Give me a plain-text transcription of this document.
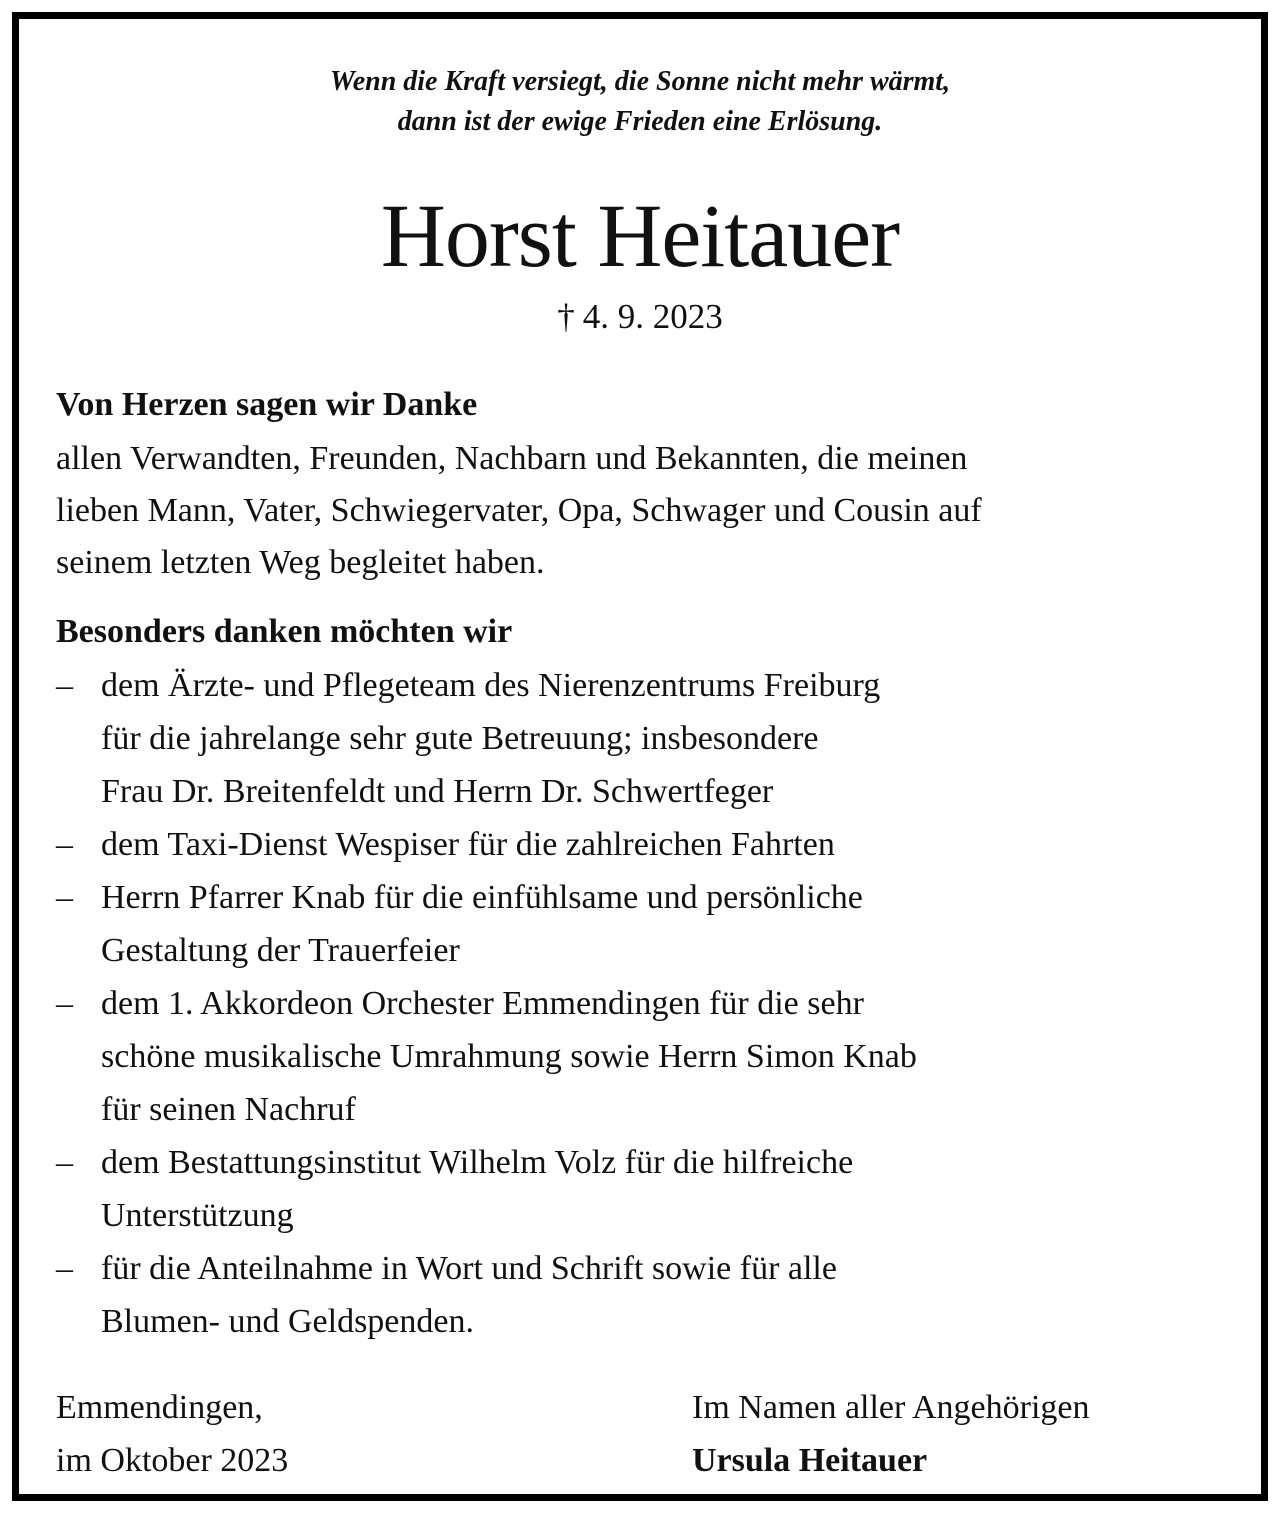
Wenn die Kraft versiegt, die Sonne nicht mehr wärmt,
dann ist der ewige Frieden eine Erlösung.
Horst Heitauer
† 4. 9. 2023
Von Herzen sagen wir Danke
allen Verwandten, Freunden, Nachbarn und Bekannten, die meinen
lieben Mann, Vater, Schwiegervater, Opa, Schwager und Cousin auf
seinem letzten Weg begleitet haben.
Besonders danken möchten wir
– dem Ärzte- und Pflegeteam des Nierenzentrums Freiburg
für die jahrelange sehr gute Betreuung; insbesondere
Frau Dr. Breitenfeldt und Herrn Dr. Schwertfeger
– dem Taxi-Dienst Wespiser für die zahlreichen Fahrten
– Herrn Pfarrer Knab für die einfühlsame und persönliche
Gestaltung der Trauerfeier
– dem 1. Akkordeon Orchester Emmendingen für die sehr
schöne musikalische Umrahmung sowie Herrn Simon Knab
für seinen Nachruf
– dem Bestattungsinstitut Wilhelm Volz für die hilfreiche
Unterstützung
– für die Anteilnahme in Wort und Schrift sowie für alle
Blumen- und Geldspenden.
Emmendingen,
im Oktober 2023
Im Namen aller Angehörigen
Ursula Heitauer
